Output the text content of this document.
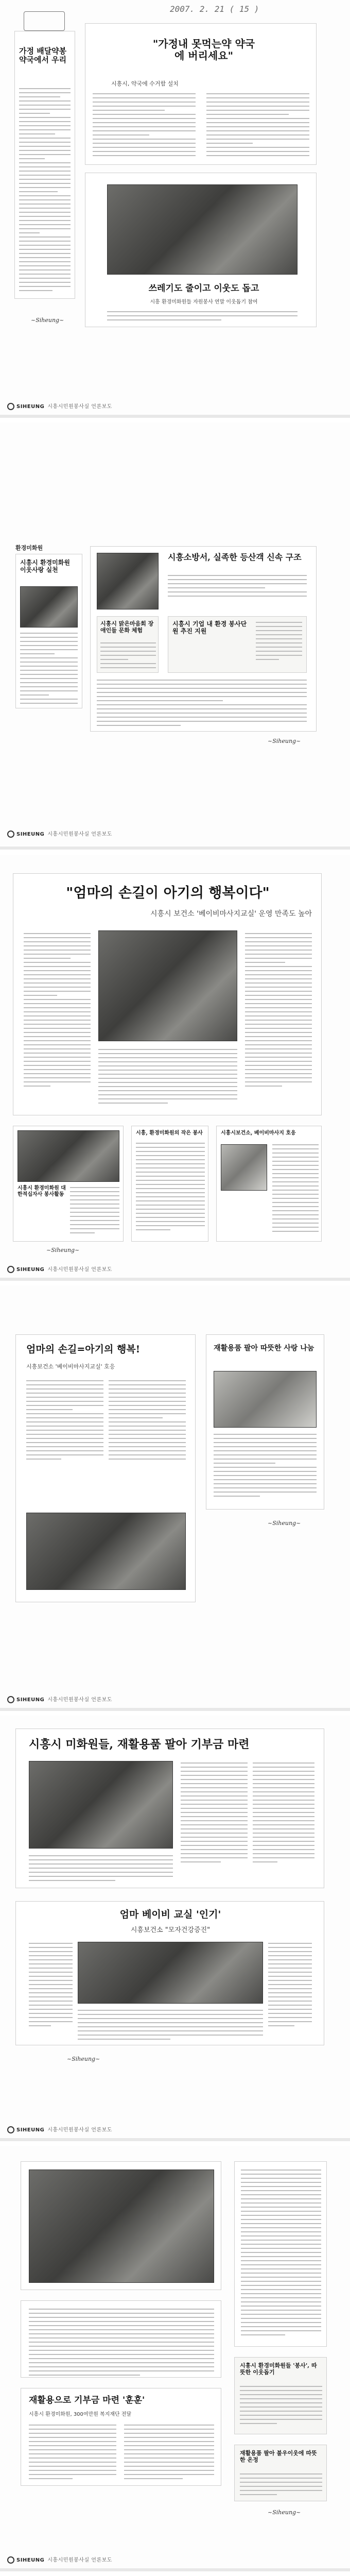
2007. 2. 21 ( 15 )
가정 배달약봉 약국에서 우리
"가정내 못먹는약 약국에 버리세요"
시흥시, 약국에 수거함 설치
쓰레기도 줄이고 이웃도 돕고
시흥 환경미화원들 자원봉사 연말 이웃돕기 참여
~Siheung~
SIHEUNG 시흥시민원봉사실 언론보도
환경미화원
시흥시 환경미화원 이웃사랑 실천
시흥소방서, 실족한 등산객 신속 구조
시흥시 맑은마음회 장애인들 문화 체험
시흥시 기업 내 환경 봉사단원 추진 지원
~Siheung~
SIHEUNG 시흥시민원봉사실 언론보도
"엄마의 손길이 아기의 행복이다"
시흥시 보건소 '베이비마사지교실' 운영 만족도 높아
시흥시 환경미화원 대한적십자사 봉사활동
시흥, 환경미화원의 작은 봉사	시흥시보건소, 베이비마사지 호응
~Siheung~
SIHEUNG 시흥시민원봉사실 언론보도
엄마의 손길=아기의 행복!
시흥보건소 '베이비마사지교실' 호응
재활용품 팔아 따뜻한 사랑 나눔
~Siheung~
SIHEUNG 시흥시민원봉사실 언론보도
시흥시 미화원들, 재활용품 팔아 기부금 마련
엄마 베이비 교실 '인기'
시흥보건소 "모자건강증진"
~Siheung~
SIHEUNG 시흥시민원봉사실 언론보도
시흥시 환경미화원들 '봉사', 따뜻한 이웃돕기
재활용으로 기부금 마련 '훈훈'
시흥시 환경미화원, 300여만원 복지재단 전달
재활용품 팔아 불우이웃에 따뜻한 온정
~Siheung~
SIHEUNG 시흥시민원봉사실 언론보도
